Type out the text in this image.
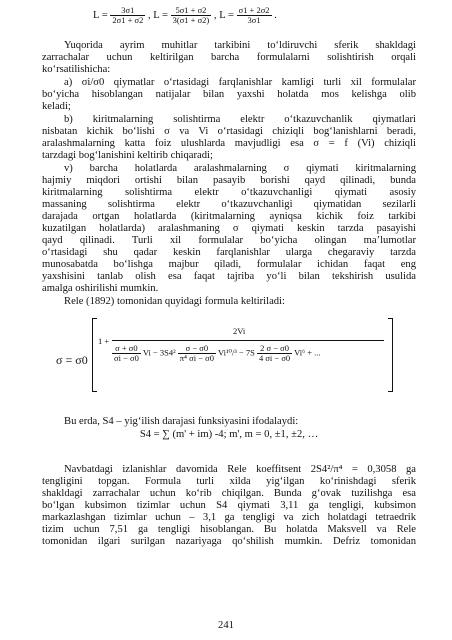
$L = \frac{3\sigma 1}{2\sigma 1 + \sigma 2}$ , $L = \frac{5\sigma 1 + \sigma 2}{3(\sigma 1 + \sigma 2)}$ , $L = \frac{\sigma 1 + 2\sigma 2}{3\sigma 1}$ .
Yuqorida ayrim muhitlar tarkibini to‘ldiruvchi sferik shakldagi
zarrachalar uchun keltirilgan barcha formulalarni solishtirish orqali
ko‘rsatilishicha:
a) σi/σ0 qiymatlar o‘rtasidagi farqlanishlar kamligi turli xil formulalar
bo‘yicha hisoblangan natijalar bilan yaxshi holatda mos kelishga olib
keladi;
b) kiritmalarning solishtirma elektr o‘tkazuvchanlik qiymatlari
nisbatan kichik bo‘lishi σ va Vi o‘rtasidagi chiziqli bog‘lanishlarni beradi,
aralashmalarning katta foiz ulushlarda mavjudligi esa σ = f (Vi) chiziqli
tarzdagi bog‘lanishini keltirib chiqaradi;
v) barcha holatlarda aralashmalarning σ qiymati kiritmalarning
hajmiy miqdori ortishi bilan pasayib borishi qayd qilinadi, bunda
kiritmalarning solishtirma elektr o‘tkazuvchanligi qiymati asosiy
massaning solishtirma elektr o‘tkazuvchanligi qiymatidan sezilarli
darajada ortgan holatlarda (kiritmalarning ayniqsa kichik foiz tarkibi
kuzatilgan holatlarda) aralashmaning σ qiymati keskin tarzda pasayishi
qayd qilinadi. Turli xil formulalar bo‘yicha olingan ma’lumotlar
o‘rtasidagi shu qadar keskin farqlanishlar ularga chegaraviy tarzda
munosabatda bo‘lishga majbur qiladi, formulalar ichidan faqat eng
yaxshisini tanlab olish esa faqat tajriba yo‘li bilan tekshirish usulida
amalga oshirilishi mumkin.
Rele (1892) tomonidan quyidagi formula keltiriladi:
σ = σ0
1 +
2Vi
$\frac{\sigma + \sigma 0}{\sigma i - \sigma 0}$ $Vi - 3S4^2 \frac{\sigma - \sigma 0}{\text{π⁴ σi − σ0}} Vi^{10}/^3 - 7S \frac{2 \sigma - \sigma 0}{4 \sigma i - \sigma 0} Vi^6$ + ...
Bu erda, S4 – yig‘ilish darajasi funksiyasini ifodalaydi:
S4 = ∑ (m' + im) -4; m', m = 0, ±1, ±2, …
Navbatdagi izlanishlar davomida Rele koeffitsent 2S4²/π⁴ = 0,3058 ga
tengligini topgan. Formula turli xilda yig‘ilgan ko‘rinishdagi sferik
shakldagi zarrachalar uchun ko‘rib chiqilgan. Bunda g‘ovak tuzilishga esa
bo‘lgan kubsimon tizimlar uchun S4 qiymati 3,11 ga tengligi, kubsimon
markazlashgan tizimlar uchun – 3,1 ga tengligi va zich holatdagi tetraedrik
tizim uchun 7,51 ga tengligi hisoblangan. Bu holatda Maksvell va Rele
tomonidan ilgari surilgan nazariyaga qo‘shilish mumkin. Defriz tomonidan
241
